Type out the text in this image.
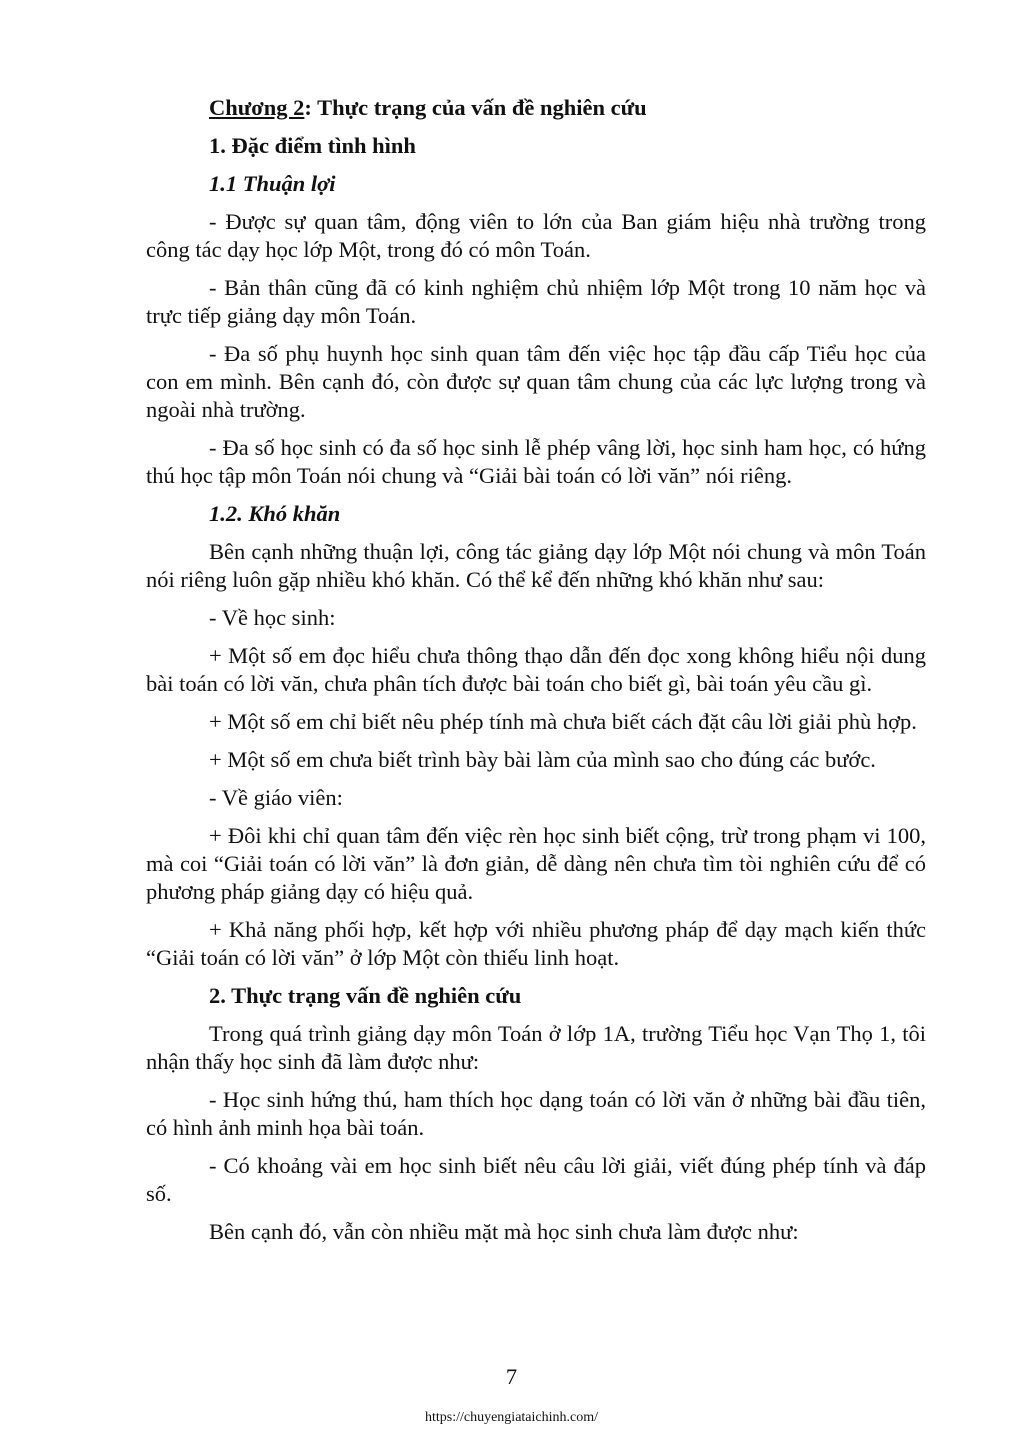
Chương 2: Thực trạng của vấn đề nghiên cứu

1. Đặc điểm tình hình

1.1 Thuận lợi

- Được sự quan tâm, động viên to lớn của Ban giám hiệu nhà trường trong công tác dạy học lớp Một, trong đó có môn Toán.

- Bản thân cũng đã có kinh nghiệm chủ nhiệm lớp Một trong 10 năm học và trực tiếp giảng dạy môn Toán.

- Đa số phụ huynh học sinh quan tâm đến việc học tập đầu cấp Tiểu học của con em mình. Bên cạnh đó, còn được sự quan tâm chung của các lực lượng trong và ngoài nhà trường.

- Đa số học sinh có đa số học sinh lễ phép vâng lời, học sinh ham học, có hứng thú học tập môn Toán nói chung và “Giải bài toán có lời văn” nói riêng.

1.2. Khó khăn

Bên cạnh những thuận lợi, công tác giảng dạy lớp Một nói chung và môn Toán nói riêng luôn gặp nhiều khó khăn. Có thể kể đến những khó khăn như sau:

- Về học sinh:

+ Một số em đọc hiểu chưa thông thạo dẫn đến đọc xong không hiểu nội dung bài toán có lời văn, chưa phân tích được bài toán cho biết gì, bài toán yêu cầu gì.

+ Một số em chỉ biết nêu phép tính mà chưa biết cách đặt câu lời giải phù hợp.

+ Một số em chưa biết trình bày bài làm của mình sao cho đúng các bước.

- Về giáo viên:

+ Đôi khi chỉ quan tâm đến việc rèn học sinh biết cộng, trừ trong phạm vi 100, mà coi “Giải toán có lời văn” là đơn giản, dễ dàng nên chưa tìm tòi nghiên cứu để có phương pháp giảng dạy có hiệu quả.

+ Khả năng phối hợp, kết hợp với nhiều phương pháp để dạy mạch kiến thức “Giải toán có lời văn” ở lớp Một còn thiếu linh hoạt.

2. Thực trạng vấn đề nghiên cứu

Trong quá trình giảng dạy môn Toán ở lớp 1A, trường Tiểu học Vạn Thọ 1, tôi nhận thấy học sinh đã làm được như:

- Học sinh hứng thú, ham thích học dạng toán có lời văn ở những bài đầu tiên, có hình ảnh minh họa bài toán.

- Có khoảng vài em học sinh biết nêu câu lời giải, viết đúng phép tính và đáp số.

Bên cạnh đó, vẫn còn nhiều mặt mà học sinh chưa làm được như:

7
https://chuyengiataichinh.com/
